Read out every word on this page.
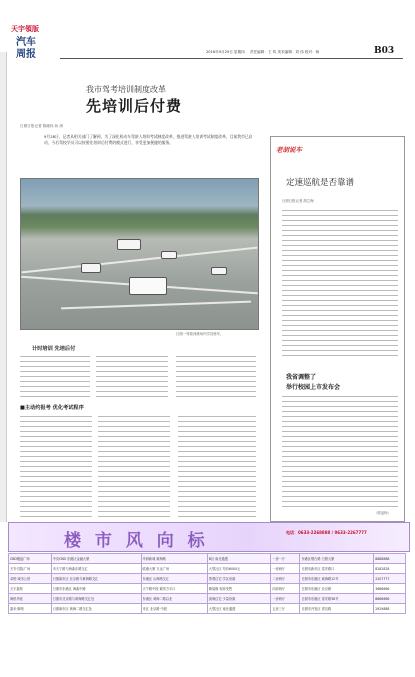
天宇領版
汽车
周报	2016年9月29日 星期四 责任编辑：王 鸣 美术编辑：刘 伟 校对：杨	B03
我市驾考培训制度改革
先培训后付费
日照日报记者 陈晓伟 孙 涛
9月28日，记者从相关部门了解到，为了深化机动车驾驶人培训考试制度改革，推进驾驶人培训考试制度改革，目前我市已启动，今后驾校学员可以按照先培训后付费的模式进行，享受更加便捷的服务。
日照一驾校训练场内学员练车。
计时培训 先培后付
■主动约报考 优化考试程序
老胡说车
定速巡航是否靠谱
日照日报记者 胡立海
我省调整了
举行校园上市发布会
（郭迅杨）
楼 市 风 向 标	电话：0633-2268888 / 0633-2267777
CBD楼盘广场	中央CBD 东港区金融大厦	华润新城 黄海路	B区·南北通透	一房一厅	东港区烟台路 日照大厦	8888888
天安·国际广场	市天宁路与海曲东路交汇	临港大厦 万达广场	大型社区 均价6000元	一房两厅	日照市新市区 泰安路口	8282828
卓悦·城市公馆	日照新市区 北京路与黄海路交汇	东港区 山海路交汇	景观住宅 学区房源	二房两厅	日照市东港区 威海路12号	2207777
天宇嘉苑	日照市东港区 海曲中路	天宁路中段 紧邻万平口	精装修 现房发售	四房两厅	日照市东港区 北京路	3686666
海悦华庭	日照市北京路与黄海路交汇处	东港区 黄海二路以北	滨海住宅 少量房源	一房两厅	日照市东港区 泰安路38号	8866666
嘉禾·御苑	日照新市区 黄海二路交汇处	市区 北京路 中段	大型社区 南北通透	五房三厅	日照市开发区 青岛路	2929888
